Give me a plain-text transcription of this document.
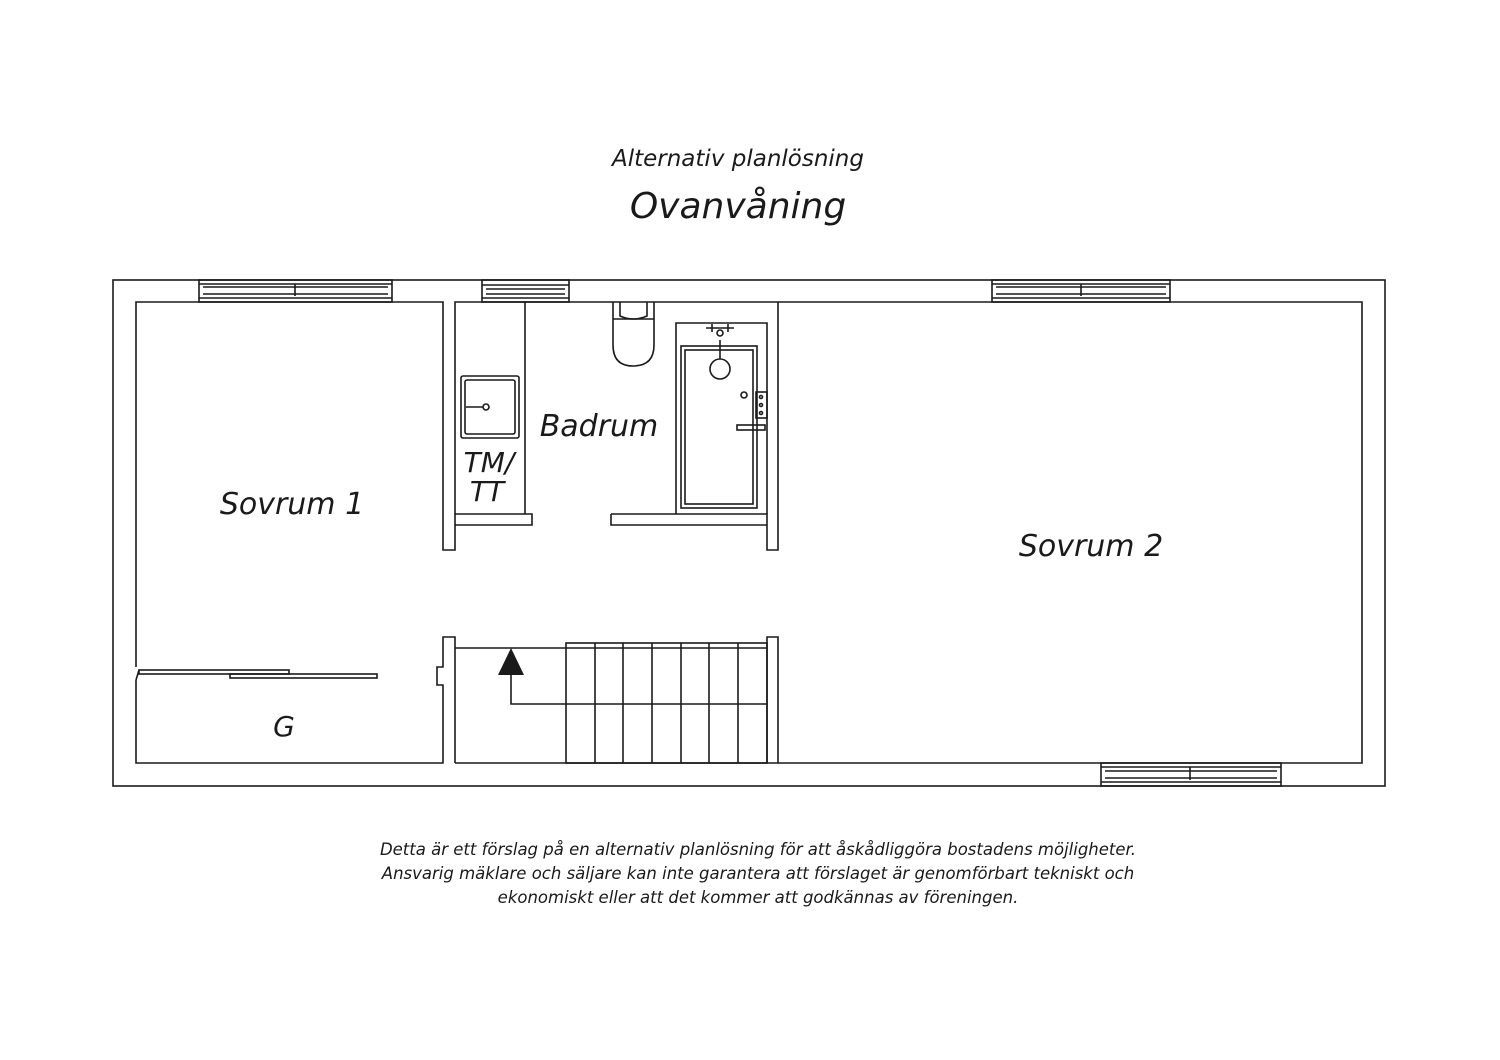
Alternativ planlösning
Ovanvåning
Sovrum 1
Sovrum 2
Badrum
TM/
TT
G
Detta är ett förslag på en alternativ planlösning för att åskådliggöra bostadens möjligheter.
Ansvarig mäklare och säljare kan inte garantera att förslaget är genomförbart tekniskt och
ekonomiskt eller att det kommer att godkännas av föreningen.
